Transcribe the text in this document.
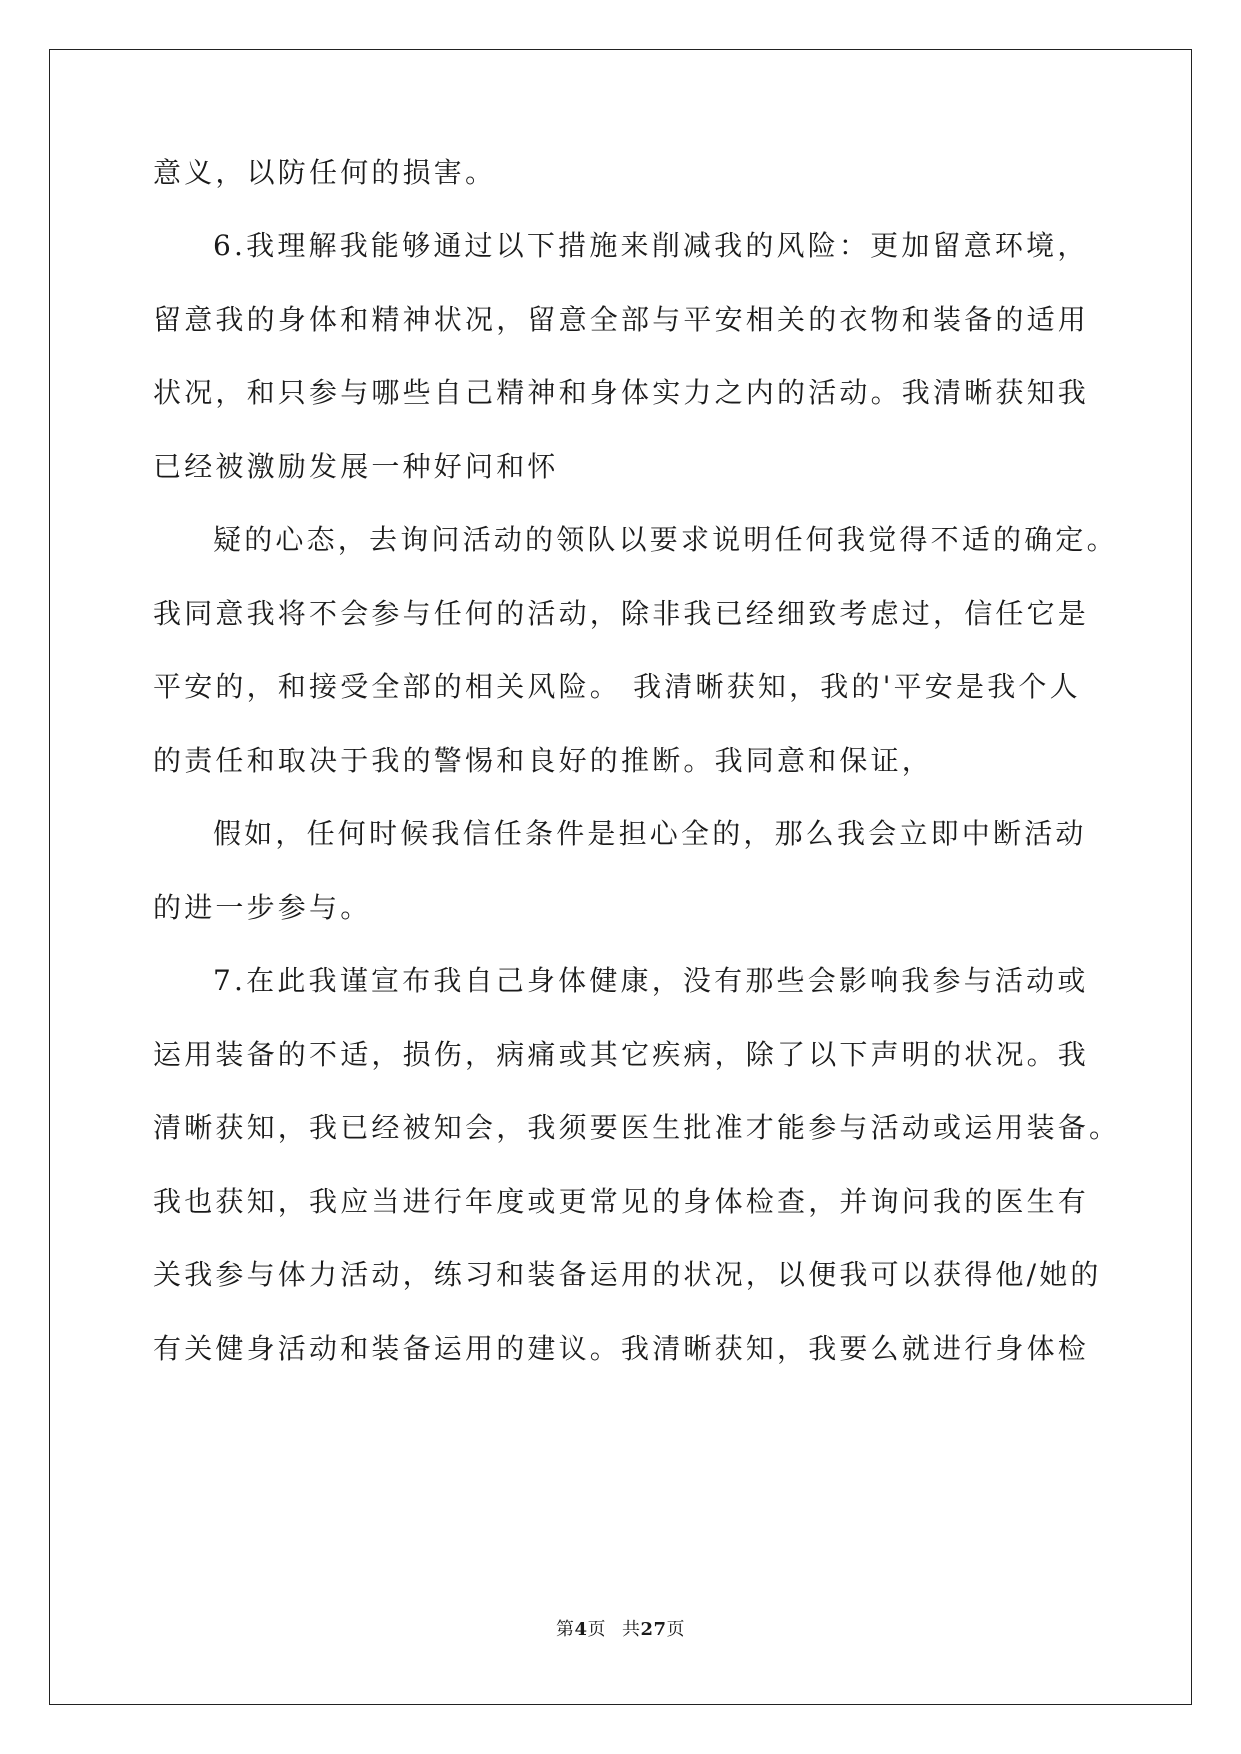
意义，以防任何的损害。
6.我理解我能够通过以下措施来削减我的风险：更加留意环境，
留意我的身体和精神状况，留意全部与平安相关的衣物和装备的适用
状况，和只参与哪些自己精神和身体实力之内的活动。我清晰获知我
已经被激励发展一种好问和怀
疑的心态，去询问活动的领队以要求说明任何我觉得不适的确定。
我同意我将不会参与任何的活动，除非我已经细致考虑过，信任它是
平安的，和接受全部的相关风险。 我清晰获知，我的'平安是我个人
的责任和取决于我的警惕和良好的推断。我同意和保证，
假如，任何时候我信任条件是担心全的，那么我会立即中断活动
的进一步参与。
7.在此我谨宣布我自己身体健康，没有那些会影响我参与活动或
运用装备的不适，损伤，病痛或其它疾病，除了以下声明的状况。我
清晰获知，我已经被知会，我须要医生批准才能参与活动或运用装备。
我也获知，我应当进行年度或更常见的身体检查，并询问我的医生有
关我参与体力活动，练习和装备运用的状况，以便我可以获得他/她的
有关健身活动和装备运用的建议。我清晰获知，我要么就进行身体检
第4页 共27页
